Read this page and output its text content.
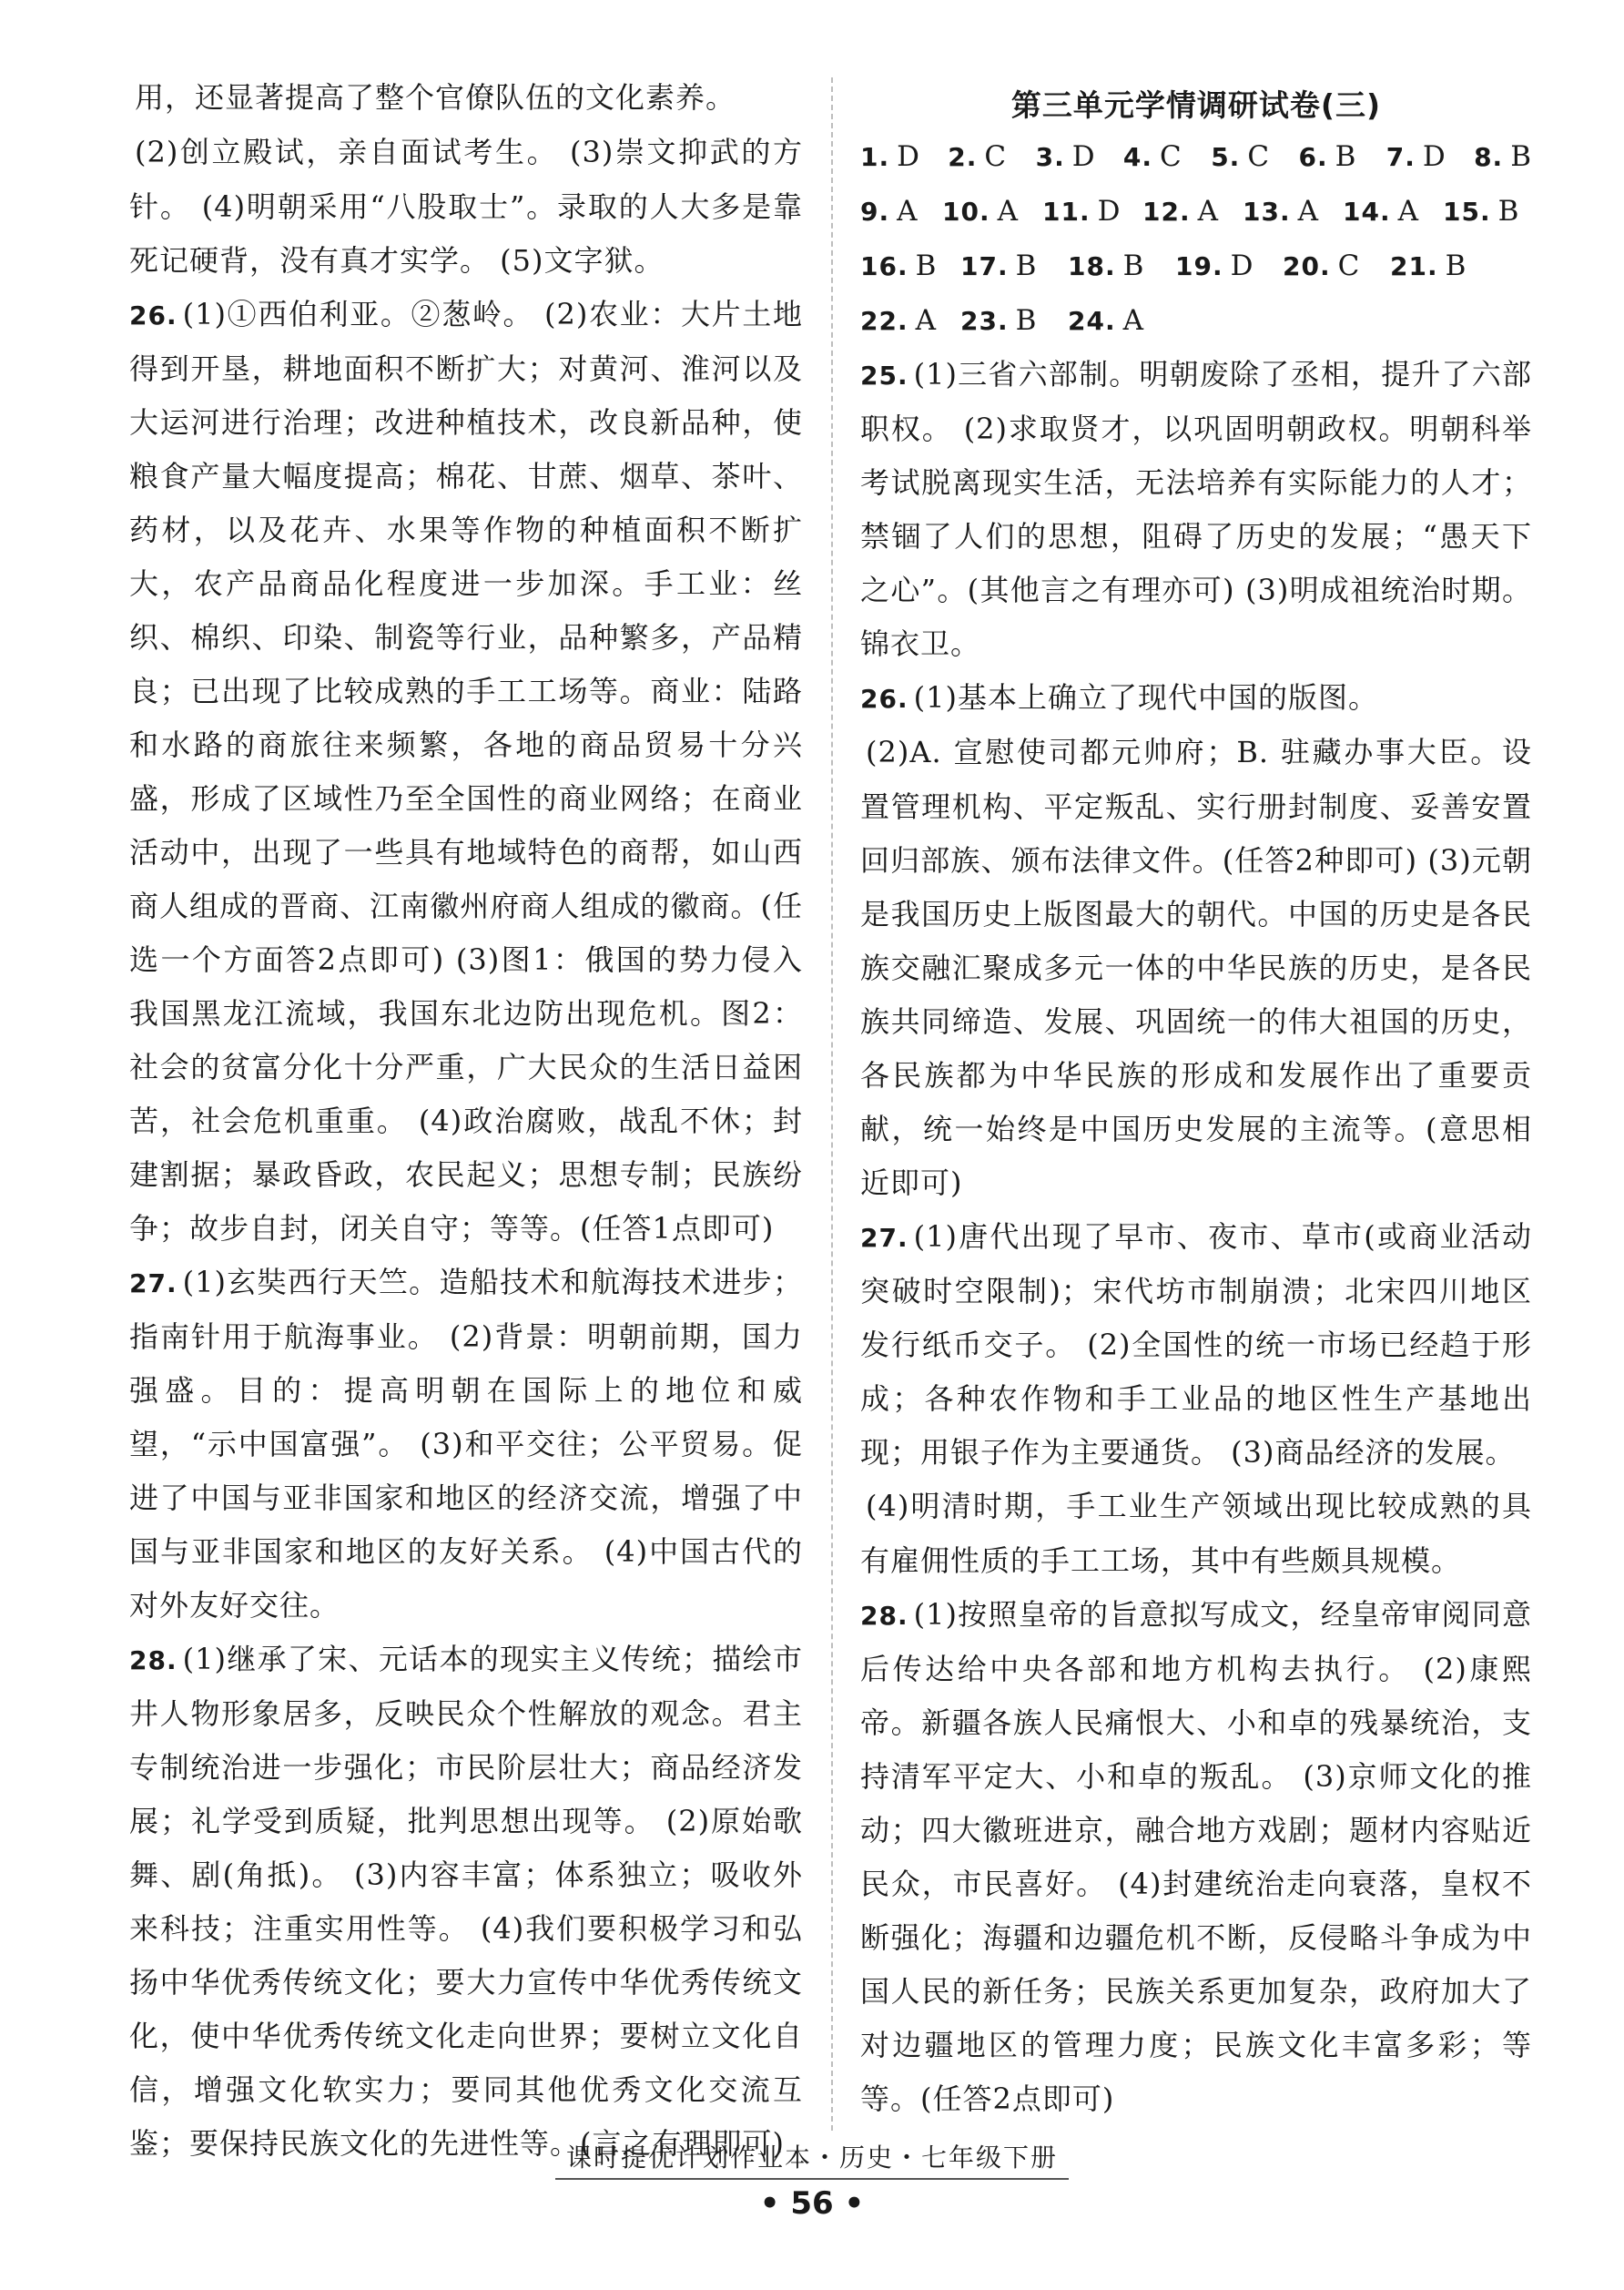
用，还显著提高了整个官僚队伍的文化素养。

(2)创立殿试，亲自面试考生。 (3)崇文抑武的方针。 (4)明朝采用“八股取士”。录取的人大多是靠死记硬背，没有真才实学。 (5)文字狱。

26. (1)①西伯利亚。②葱岭。 (2)农业：大片土地得到开垦，耕地面积不断扩大；对黄河、淮河以及大运河进行治理；改进种植技术，改良新品种，使粮食产量大幅度提高；棉花、甘蔗、烟草、茶叶、药材，以及花卉、水果等作物的种植面积不断扩大，农产品商品化程度进一步加深。手工业：丝织、棉织、印染、制瓷等行业，品种繁多，产品精良；已出现了比较成熟的手工工场等。商业：陆路和水路的商旅往来频繁，各地的商品贸易十分兴盛，形成了区域性乃至全国性的商业网络；在商业活动中，出现了一些具有地域特色的商帮，如山西商人组成的晋商、江南徽州府商人组成的徽商。(任选一个方面答2点即可) (3)图1：俄国的势力侵入我国黑龙江流域，我国东北边防出现危机。图2：社会的贫富分化十分严重，广大民众的生活日益困苦，社会危机重重。 (4)政治腐败，战乱不休；封建割据；暴政昏政，农民起义；思想专制；民族纷争；故步自封，闭关自守；等等。(任答1点即可)

27. (1)玄奘西行天竺。造船技术和航海技术进步；指南针用于航海事业。 (2)背景：明朝前期，国力强盛。目的：提高明朝在国际上的地位和威望，“示中国富强”。 (3)和平交往；公平贸易。促进了中国与亚非国家和地区的经济交流，增强了中国与亚非国家和地区的友好关系。 (4)中国古代的对外友好交往。

28. (1)继承了宋、元话本的现实主义传统；描绘市井人物形象居多，反映民众个性解放的观念。君主专制统治进一步强化；市民阶层壮大；商品经济发展；礼学受到质疑，批判思想出现等。 (2)原始歌舞、剧(角抵)。 (3)内容丰富；体系独立；吸收外来科技；注重实用性等。 (4)我们要积极学习和弘扬中华优秀传统文化；要大力宣传中华优秀传统文化，使中华优秀传统文化走向世界；要树立文化自信，增强文化软实力；要同其他优秀文化交流互鉴；要保持民族文化的先进性等。(言之有理即可)

第三单元学情调研试卷(三)
1. D	2. C	3. D	4. C	5. C	6. B	7. D	8. B
9. A 10. A 11. D 12. A 13. A 14. A 15. B
16. B 17. B	18. B	19. D	20. C	21. B
22. A 23. B	24. A

25. (1)三省六部制。明朝废除了丞相，提升了六部职权。 (2)求取贤才，以巩固明朝政权。明朝科举考试脱离现实生活，无法培养有实际能力的人才；禁锢了人们的思想，阻碍了历史的发展；“愚天下之心”。(其他言之有理亦可) (3)明成祖统治时期。锦衣卫。

26. (1)基本上确立了现代中国的版图。

(2)A. 宣慰使司都元帅府；B. 驻藏办事大臣。设置管理机构、平定叛乱、实行册封制度、妥善安置回归部族、颁布法律文件。(任答2种即可) (3)元朝是我国历史上版图最大的朝代。中国的历史是各民族交融汇聚成多元一体的中华民族的历史，是各民族共同缔造、发展、巩固统一的伟大祖国的历史，各民族都为中华民族的形成和发展作出了重要贡献，统一始终是中国历史发展的主流等。(意思相近即可)

27. (1)唐代出现了早市、夜市、草市(或商业活动突破时空限制)；宋代坊市制崩溃；北宋四川地区发行纸币交子。 (2)全国性的统一市场已经趋于形成；各种农作物和手工业品的地区性生产基地出现；用银子作为主要通货。 (3)商品经济的发展。

(4)明清时期，手工业生产领域出现比较成熟的具有雇佣性质的手工工场，其中有些颇具规模。

28. (1)按照皇帝的旨意拟写成文，经皇帝审阅同意后传达给中央各部和地方机构去执行。 (2)康熙帝。新疆各族人民痛恨大、小和卓的残暴统治，支持清军平定大、小和卓的叛乱。 (3)京师文化的推动；四大徽班进京，融合地方戏剧；题材内容贴近民众，市民喜好。 (4)封建统治走向衰落，皇权不断强化；海疆和边疆危机不断，反侵略斗争成为中国人民的新任务；民族关系更加复杂，政府加大了对边疆地区的管理力度；民族文化丰富多彩；等等。(任答2点即可)

课时提优计划作业本・历史・七年级下册
• 56 •
